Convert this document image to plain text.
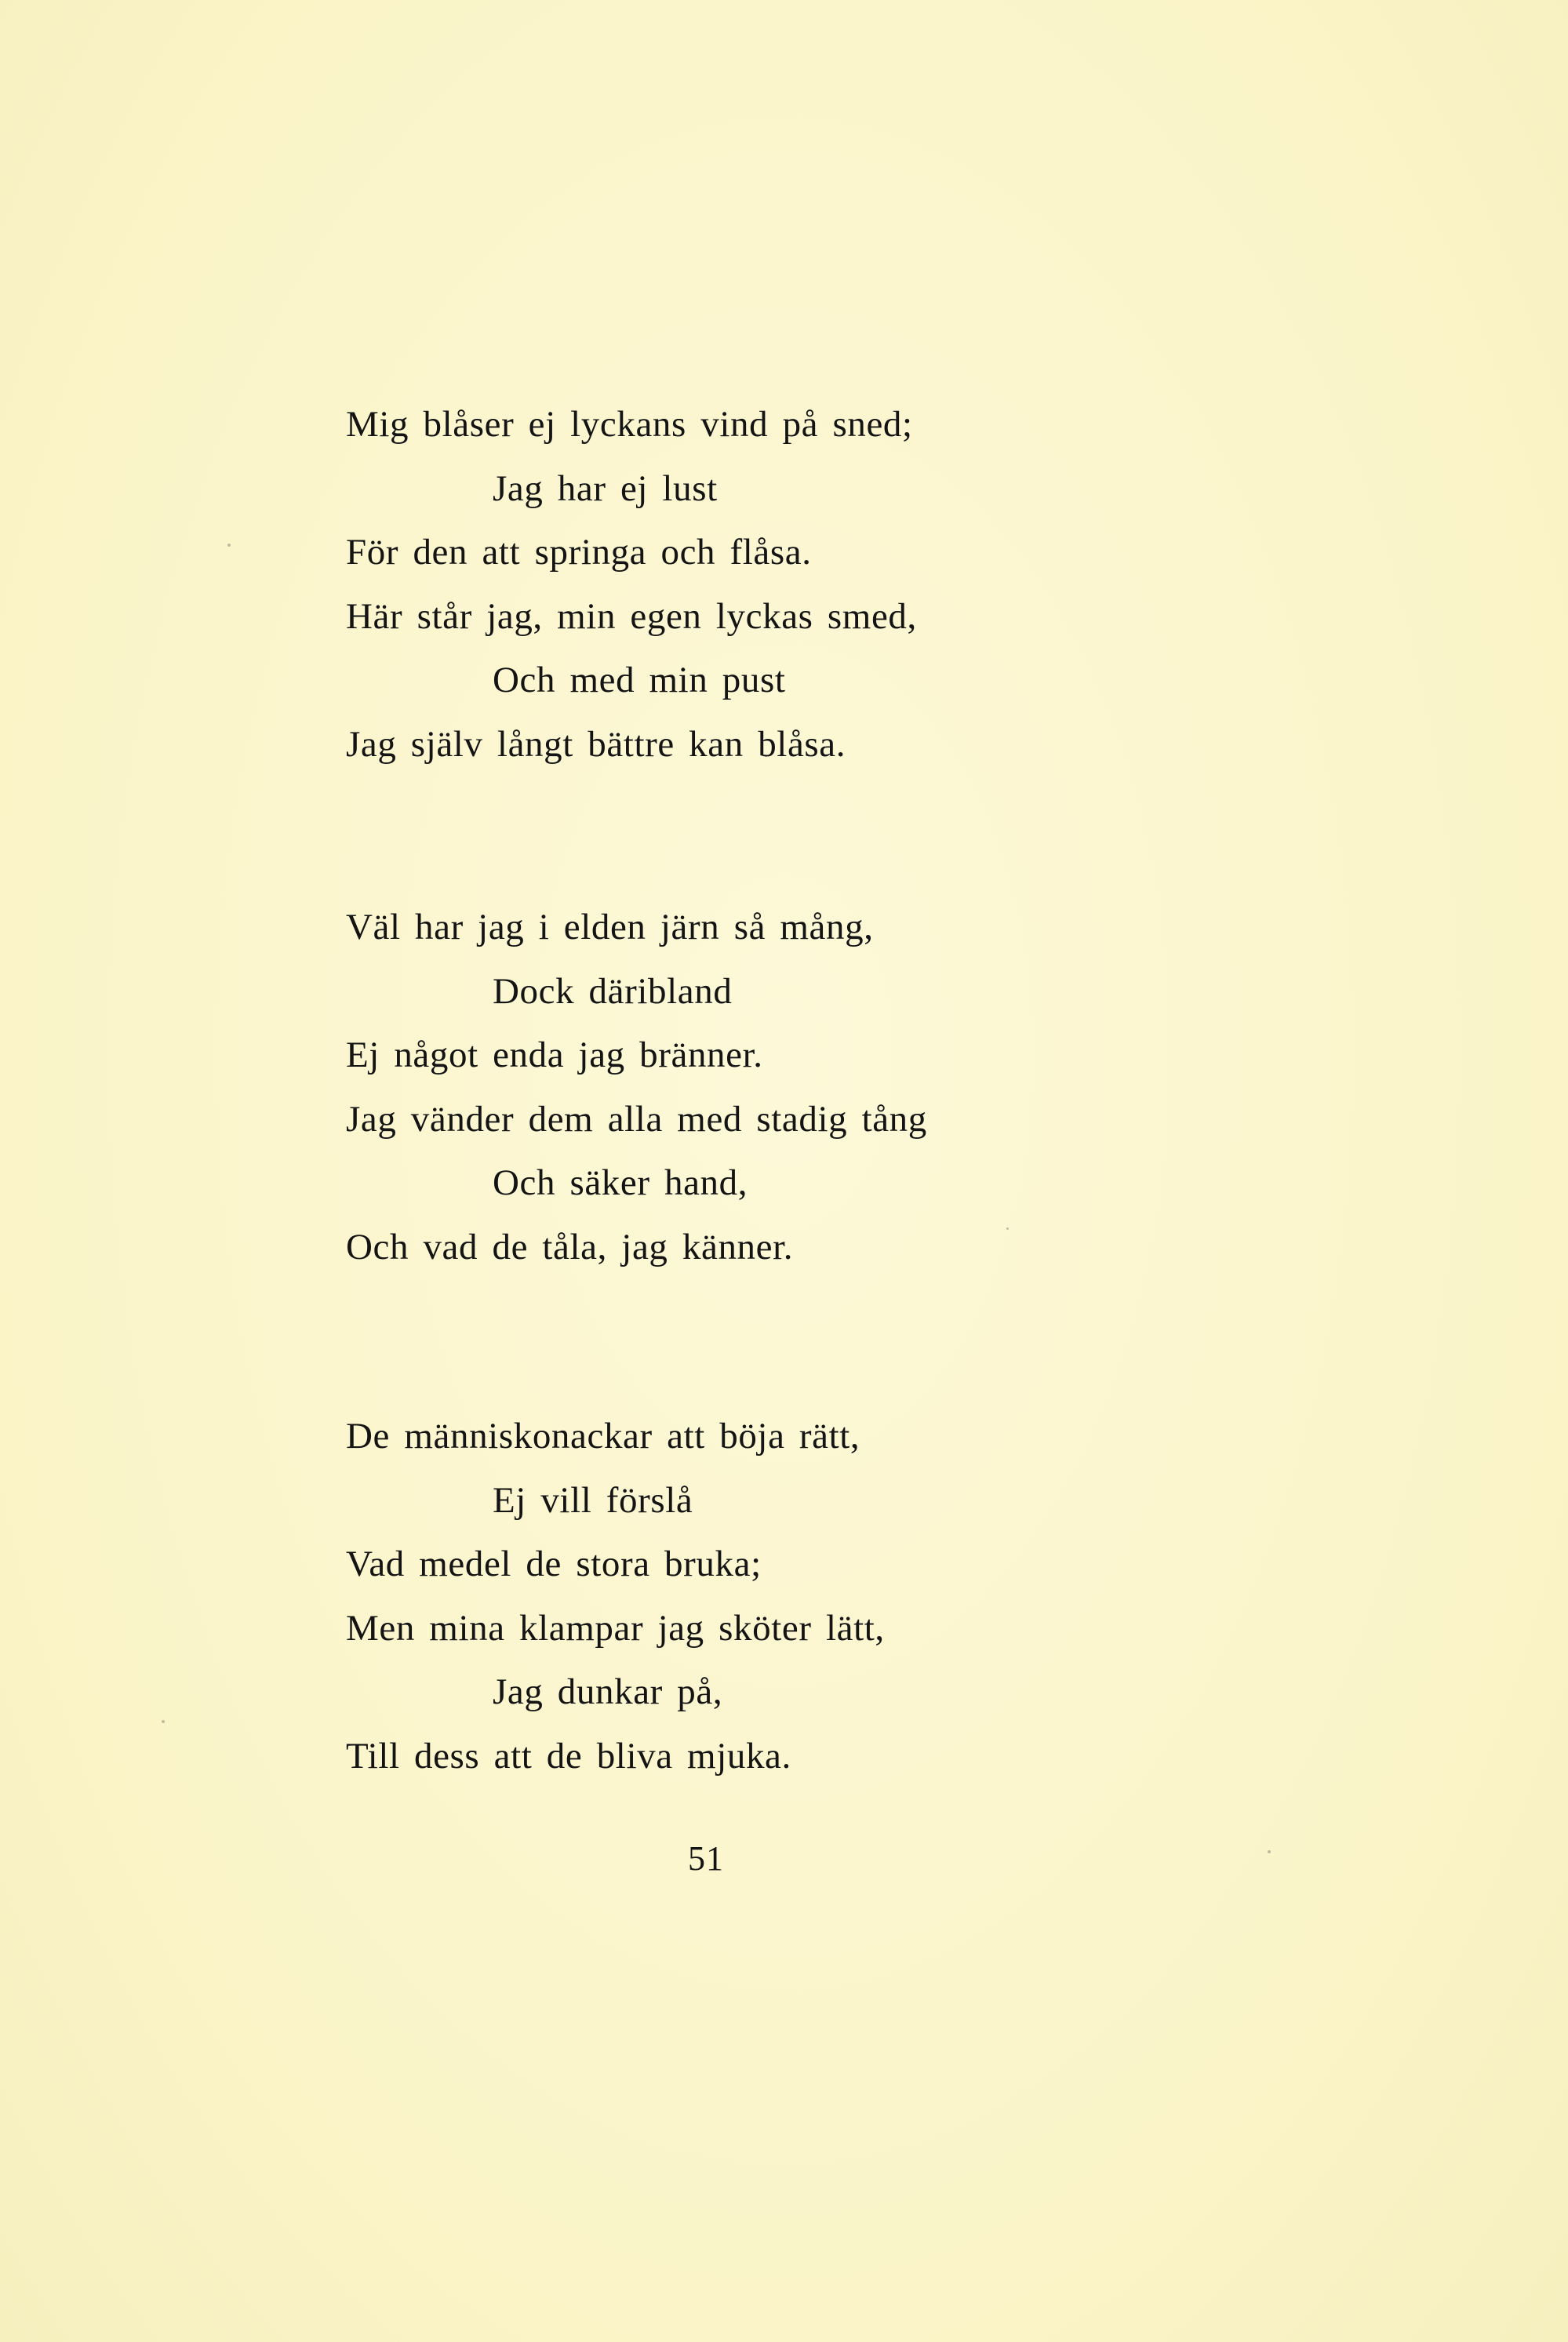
Mig blåser ej lyckans vind på sned;
Jag har ej lust
För den att springa och flåsa.
Här står jag, min egen lyckas smed,
Och med min pust
Jag själv långt bättre kan blåsa.
Väl har jag i elden järn så mång,
Dock däribland
Ej något enda jag bränner.
Jag vänder dem alla med stadig tång
Och säker hand,
Och vad de tåla, jag känner.
De människonackar att böja rätt,
Ej vill förslå
Vad medel de stora bruka;
Men mina klampar jag sköter lätt,
Jag dunkar på,
Till dess att de bliva mjuka.
51
